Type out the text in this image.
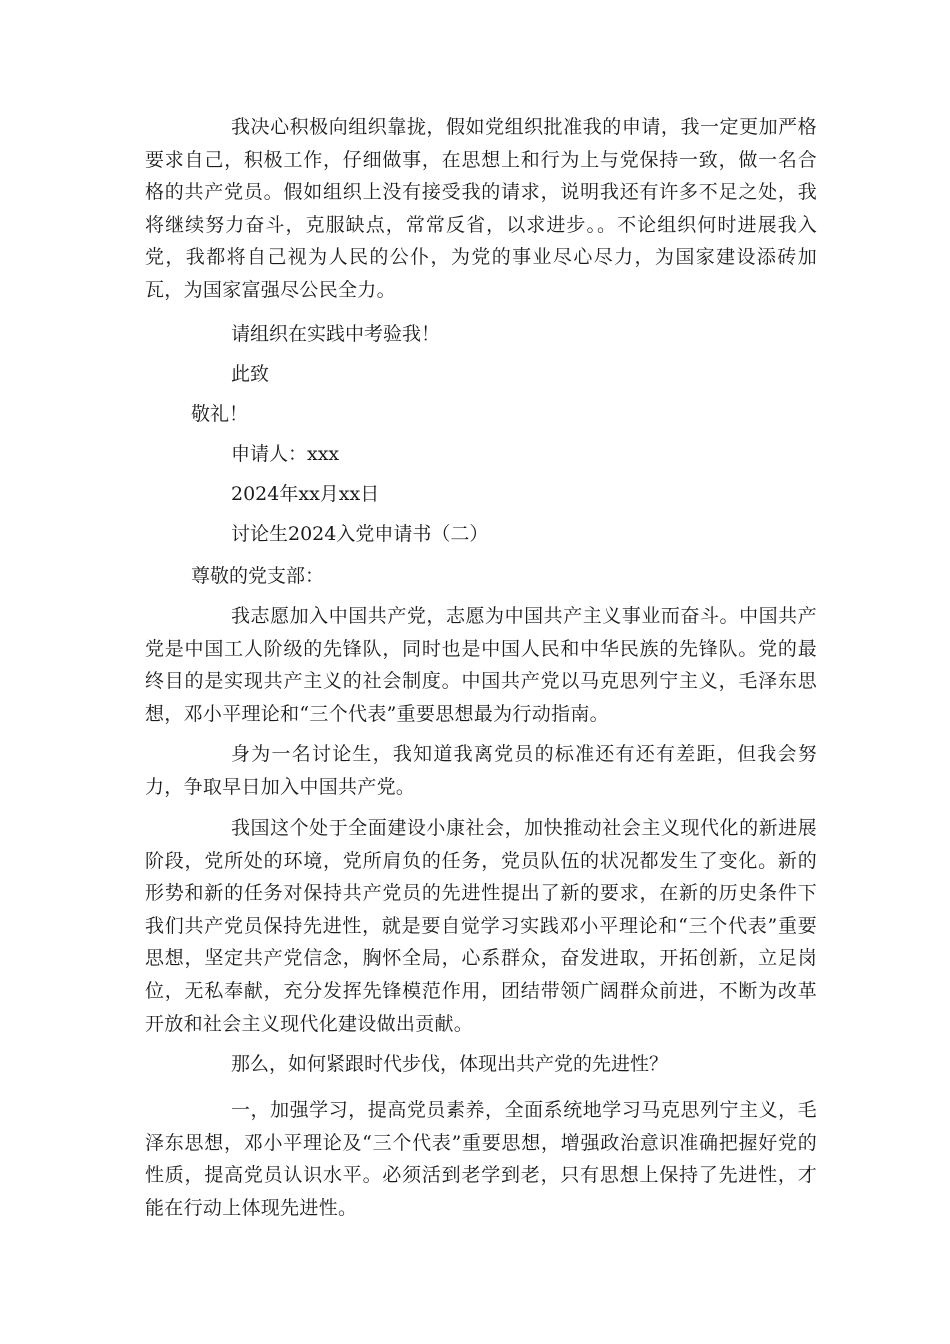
我决心积极向组织靠拢，假如党组织批准我的申请，我一定更加严格要求自己，积极工作，仔细做事，在思想上和行为上与党保持一致，做一名合格的共产党员。假如组织上没有接受我的请求，说明我还有许多不足之处，我将继续努力奋斗，克服缺点，常常反省，以求进步。。不论组织何时进展我入党，我都将自己视为人民的公仆，为党的事业尽心尽力，为国家建设添砖加瓦，为国家富强尽公民全力。

请组织在实践中考验我！

此致

敬礼！

申请人：xxx

2024年xx月xx日

讨论生2024入党申请书（二）

尊敬的党支部：

我志愿加入中国共产党，志愿为中国共产主义事业而奋斗。中国共产党是中国工人阶级的先锋队，同时也是中国人民和中华民族的先锋队。党的最终目的是实现共产主义的社会制度。中国共产党以马克思列宁主义，毛泽东思想，邓小平理论和“三个代表”重要思想最为行动指南。

身为一名讨论生，我知道我离党员的标准还有还有差距，但我会努力，争取早日加入中国共产党。

我国这个处于全面建设小康社会，加快推动社会主义现代化的新进展阶段，党所处的环境，党所肩负的任务，党员队伍的状况都发生了变化。新的形势和新的任务对保持共产党员的先进性提出了新的要求，在新的历史条件下我们共产党员保持先进性，就是要自觉学习实践邓小平理论和“三个代表”重要思想，坚定共产党信念，胸怀全局，心系群众，奋发进取，开拓创新，立足岗位，无私奉献，充分发挥先锋模范作用，团结带领广阔群众前进，不断为改革开放和社会主义现代化建设做出贡献。

那么，如何紧跟时代步伐，体现出共产党的先进性？

一，加强学习，提高党员素养，全面系统地学习马克思列宁主义，毛泽东思想，邓小平理论及“三个代表”重要思想，增强政治意识准确把握好党的性质，提高党员认识水平。必须活到老学到老，只有思想上保持了先进性，才能在行动上体现先进性。
